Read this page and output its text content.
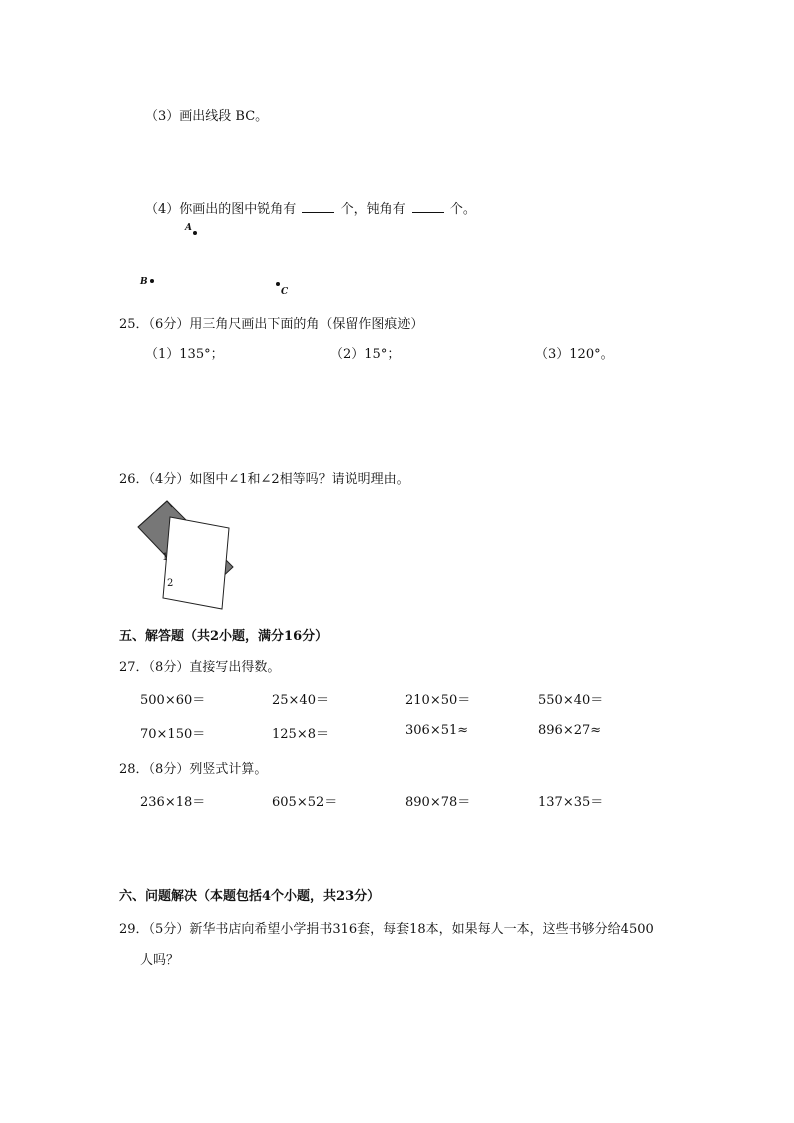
（3）画出线段 BC。
（4）你画出的图中锐角有	个，钝角有	个。
A
B
C
25．（6分）用三角尺画出下面的角（保留作图痕迹）
（1）135°；	（2）15°；	（3）120°。
26．（4分）如图中∠1和∠2相等吗？请说明理由。
1
2
五、解答题（共2小题，满分16分）
27．（8分）直接写出得数。
500×60＝	25×40＝	210×50＝	550×40＝
70×150＝	125×8＝	306×51≈	896×27≈
28．（8分）列竖式计算。
236×18＝	605×52＝	890×78＝	137×35＝
六、问题解决（本题包括4个小题，共23分）
29．（5分）新华书店向希望小学捐书316套，每套18本，如果每人一本，这些书够分给4500
人吗？
